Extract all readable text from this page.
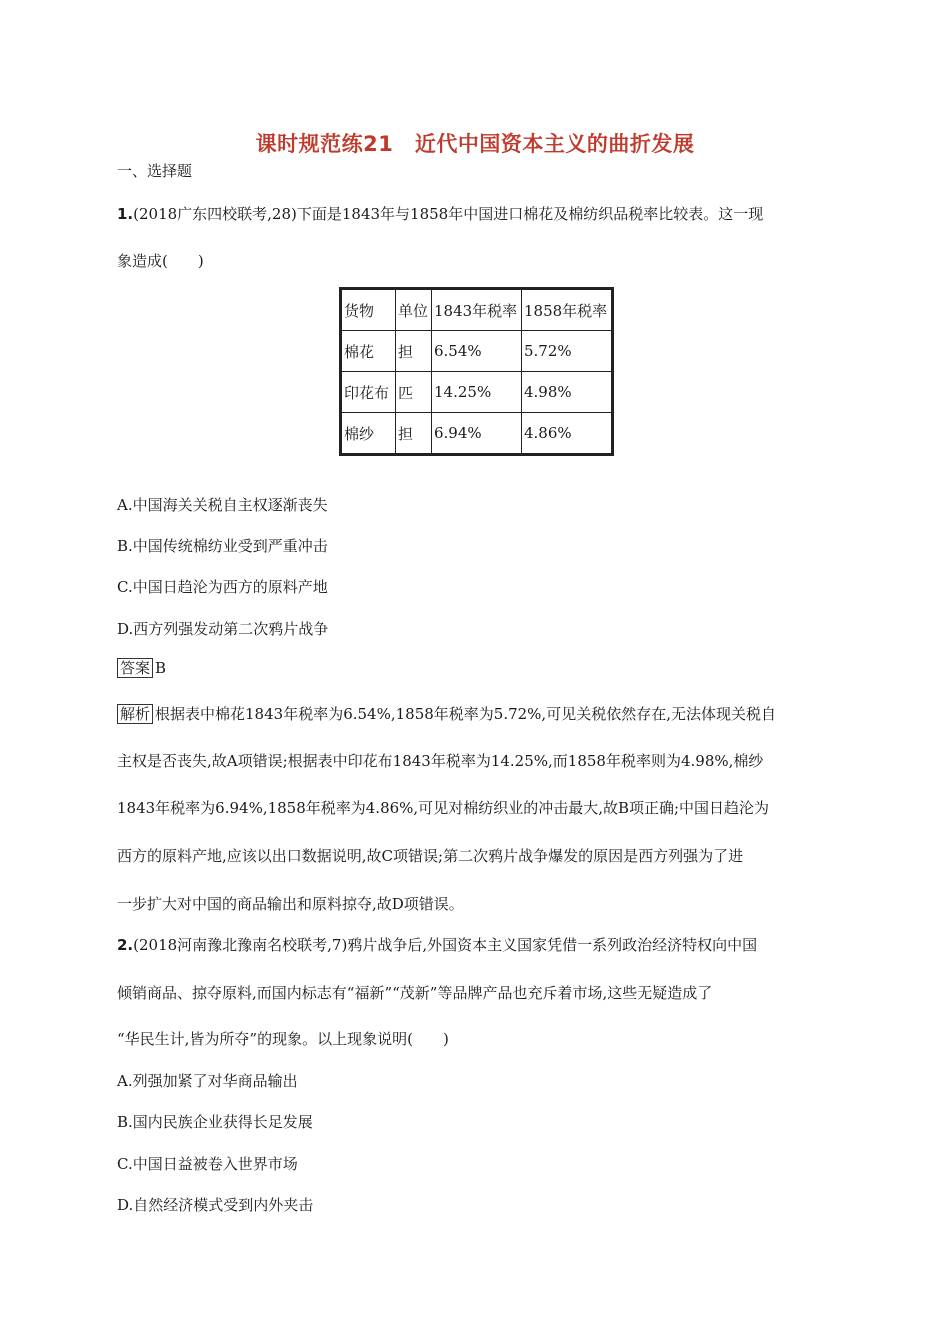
课时规范练21　近代中国资本主义的曲折发展
一、选择题
1.(2018广东四校联考,28)下面是1843年与1858年中国进口棉花及棉纺织品税率比较表。这一现
象造成(　　)
货物	单位	1843年税率	1858年税率
棉花	担	6.54%	5.72%
印花布	匹	14.25%	4.98%
棉纱	担	6.94%	4.86%
A.中国海关关税自主权逐渐丧失
B.中国传统棉纺业受到严重冲击
C.中国日趋沦为西方的原料产地
D.西方列强发动第二次鸦片战争
答案 B
解析 根据表中棉花1843年税率为6.54%,1858年税率为5.72%,可见关税依然存在,无法体现关税自
主权是否丧失,故A项错误;根据表中印花布1843年税率为14.25%,而1858年税率则为4.98%,棉纱
1843年税率为6.94%,1858年税率为4.86%,可见对棉纺织业的冲击最大,故B项正确;中国日趋沦为
西方的原料产地,应该以出口数据说明,故C项错误;第二次鸦片战争爆发的原因是西方列强为了进
一步扩大对中国的商品输出和原料掠夺,故D项错误。
2.(2018河南豫北豫南名校联考,7)鸦片战争后,外国资本主义国家凭借一系列政治经济特权向中国
倾销商品、掠夺原料,而国内标志有“福新”“茂新”等品牌产品也充斥着市场,这些无疑造成了
“华民生计,皆为所夺”的现象。以上现象说明(　　)
A.列强加紧了对华商品输出
B.国内民族企业获得长足发展
C.中国日益被卷入世界市场
D.自然经济模式受到内外夹击
